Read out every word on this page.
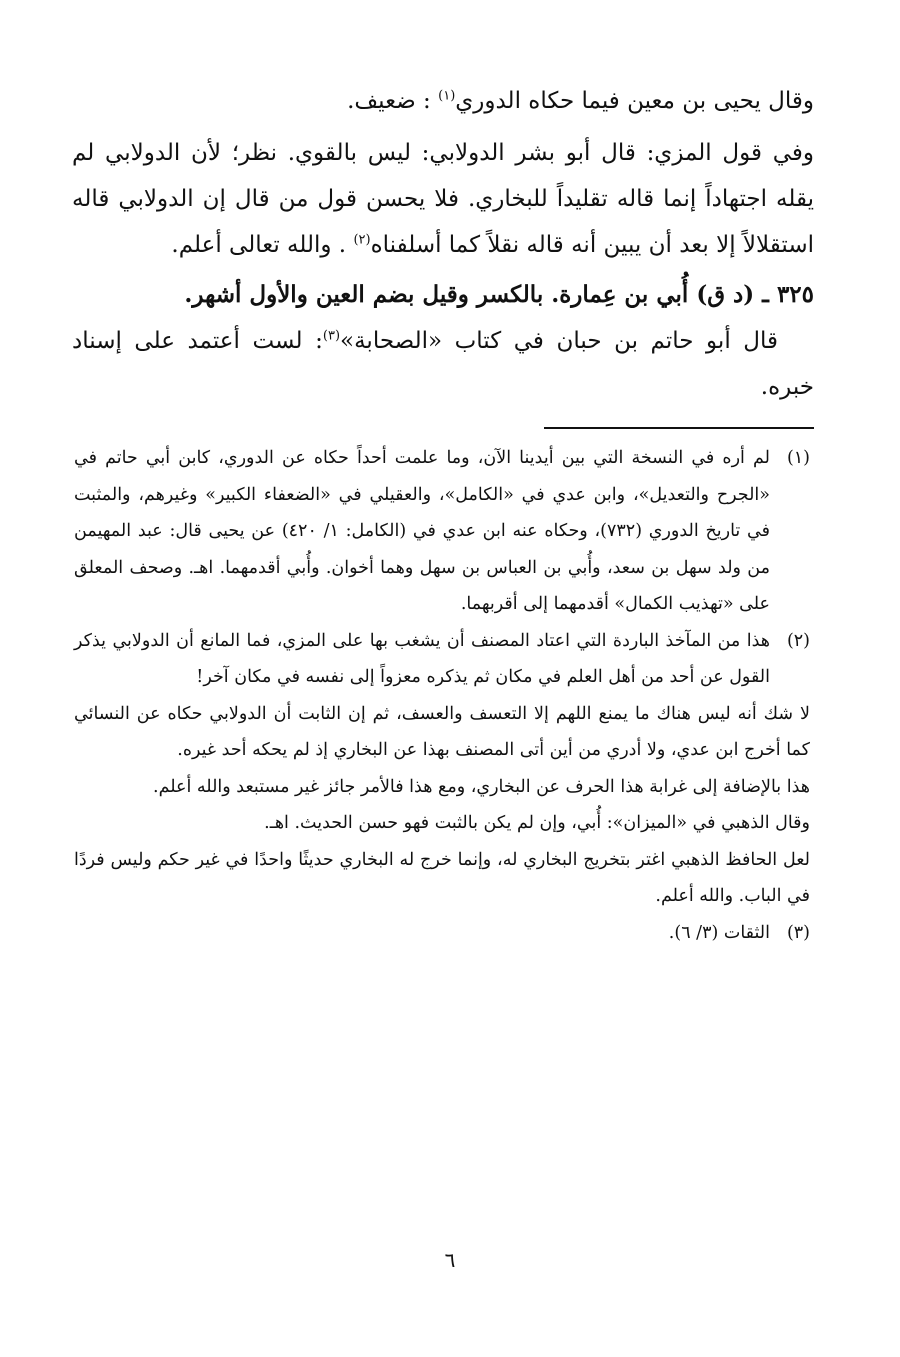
وقال يحيى بن معين فيما حكاه الدوري$^{(١)}$ : ضعيف.

وفي قول المزي: قال أبو بشر الدولابي: ليس بالقوي. نظر؛ لأن الدولابي لم يقله اجتهاداً إنما قاله تقليداً للبخاري. فلا يحسن قول من قال إن الدولابي قاله استقلالاً إلا بعد أن يبين أنه قاله نقلاً كما أسلفناه$^{(٢)}$ . والله تعالى أعلم.

٣٢٥ ـ (د ق) أُبي بن عِمارة. بالكسر وقيل بضم العين والأول أشهر.

قال أبو حاتم بن حبان في كتاب «الصحابة»$^{(٣)}$: لست أعتمد على إسناد خبره.

(١)
لم أره في النسخة التي بين أيدينا الآن، وما علمت أحداً حكاه عن الدوري، كابن أبي حاتم في «الجرح والتعديل»، وابن عدي في «الكامل»، والعقيلي في «الضعفاء الكبير» وغيرهم، والمثبت في تاريخ الدوري (٧٣٢)، وحكاه عنه ابن عدي في (الكامل: ١/ ٤٢٠) عن يحيى قال: عبد المهيمن من ولد سهل بن سعد، وأُبي بن العباس بن سهل وهما أخوان. وأُبي أقدمهما. اهـ. وصحف المعلق على «تهذيب الكمال» أقدمهما إلى أقربهما.

(٢)
هذا من المآخذ الباردة التي اعتاد المصنف أن يشغب بها على المزي، فما المانع أن الدولابي يذكر القول عن أحد من أهل العلم في مكان ثم يذكره معزواً إلى نفسه في مكان آخر!

لا شك أنه ليس هناك ما يمنع اللهم إلا التعسف والعسف، ثم إن الثابت أن الدولابي حكاه عن النسائي كما أخرج ابن عدي، ولا أدري من أين أتى المصنف بهذا عن البخاري إذ لم يحكه أحد غيره.

هذا بالإضافة إلى غرابة هذا الحرف عن البخاري، ومع هذا فالأمر جائز غير مستبعد والله أعلم.

وقال الذهبي في «الميزان»: أُبي، وإن لم يكن بالثبت فهو حسن الحديث. اهـ.

لعل الحافظ الذهبي اغتر بتخريج البخاري له، وإنما خرج له البخاري حديثًا واحدًا في غير حكم وليس فردًا في الباب. والله أعلم.

(٣)
الثقات (٣/ ٦).

٦
